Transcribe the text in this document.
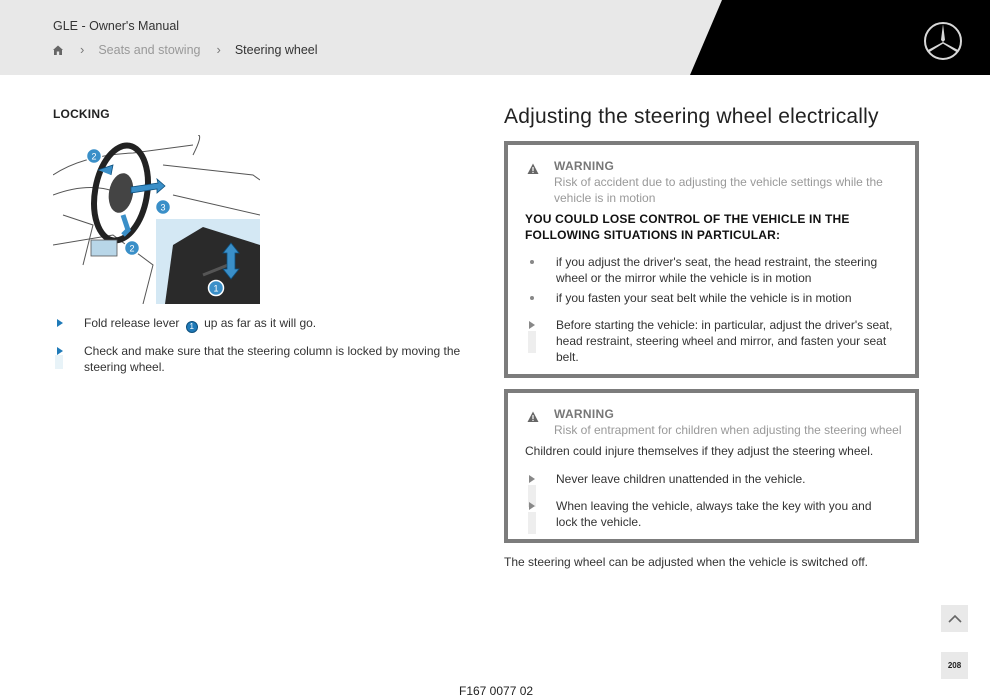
GLE - Owner's Manual
› Seats and stowing › Steering wheel
LOCKING
2
3
2
1
Fold release lever 1 up as far as it will go.
Check and make sure that the steering column is locked by moving the steering wheel.
Adjusting the steering wheel electrically
WARNING
Risk of accident due to adjusting the vehicle settings while the vehicle is in motion
YOU COULD LOSE CONTROL OF THE VEHICLE IN THE FOLLOWING SITUATIONS IN PARTICULAR:
if you adjust the driver's seat, the head restraint, the steering wheel or the mirror while the vehicle is in motion
if you fasten your seat belt while the vehicle is in motion
Before starting the vehicle: in particular, adjust the driver's seat, head restraint, steering wheel and mirror, and fasten your seat belt.
WARNING
Risk of entrapment for children when adjusting the steering wheel
Children could injure themselves if they adjust the steering wheel.
Never leave children unattended in the vehicle.
When leaving the vehicle, always take the key with you and lock the vehicle.
The steering wheel can be adjusted when the vehicle is switched off.
F167 0077 02
208
